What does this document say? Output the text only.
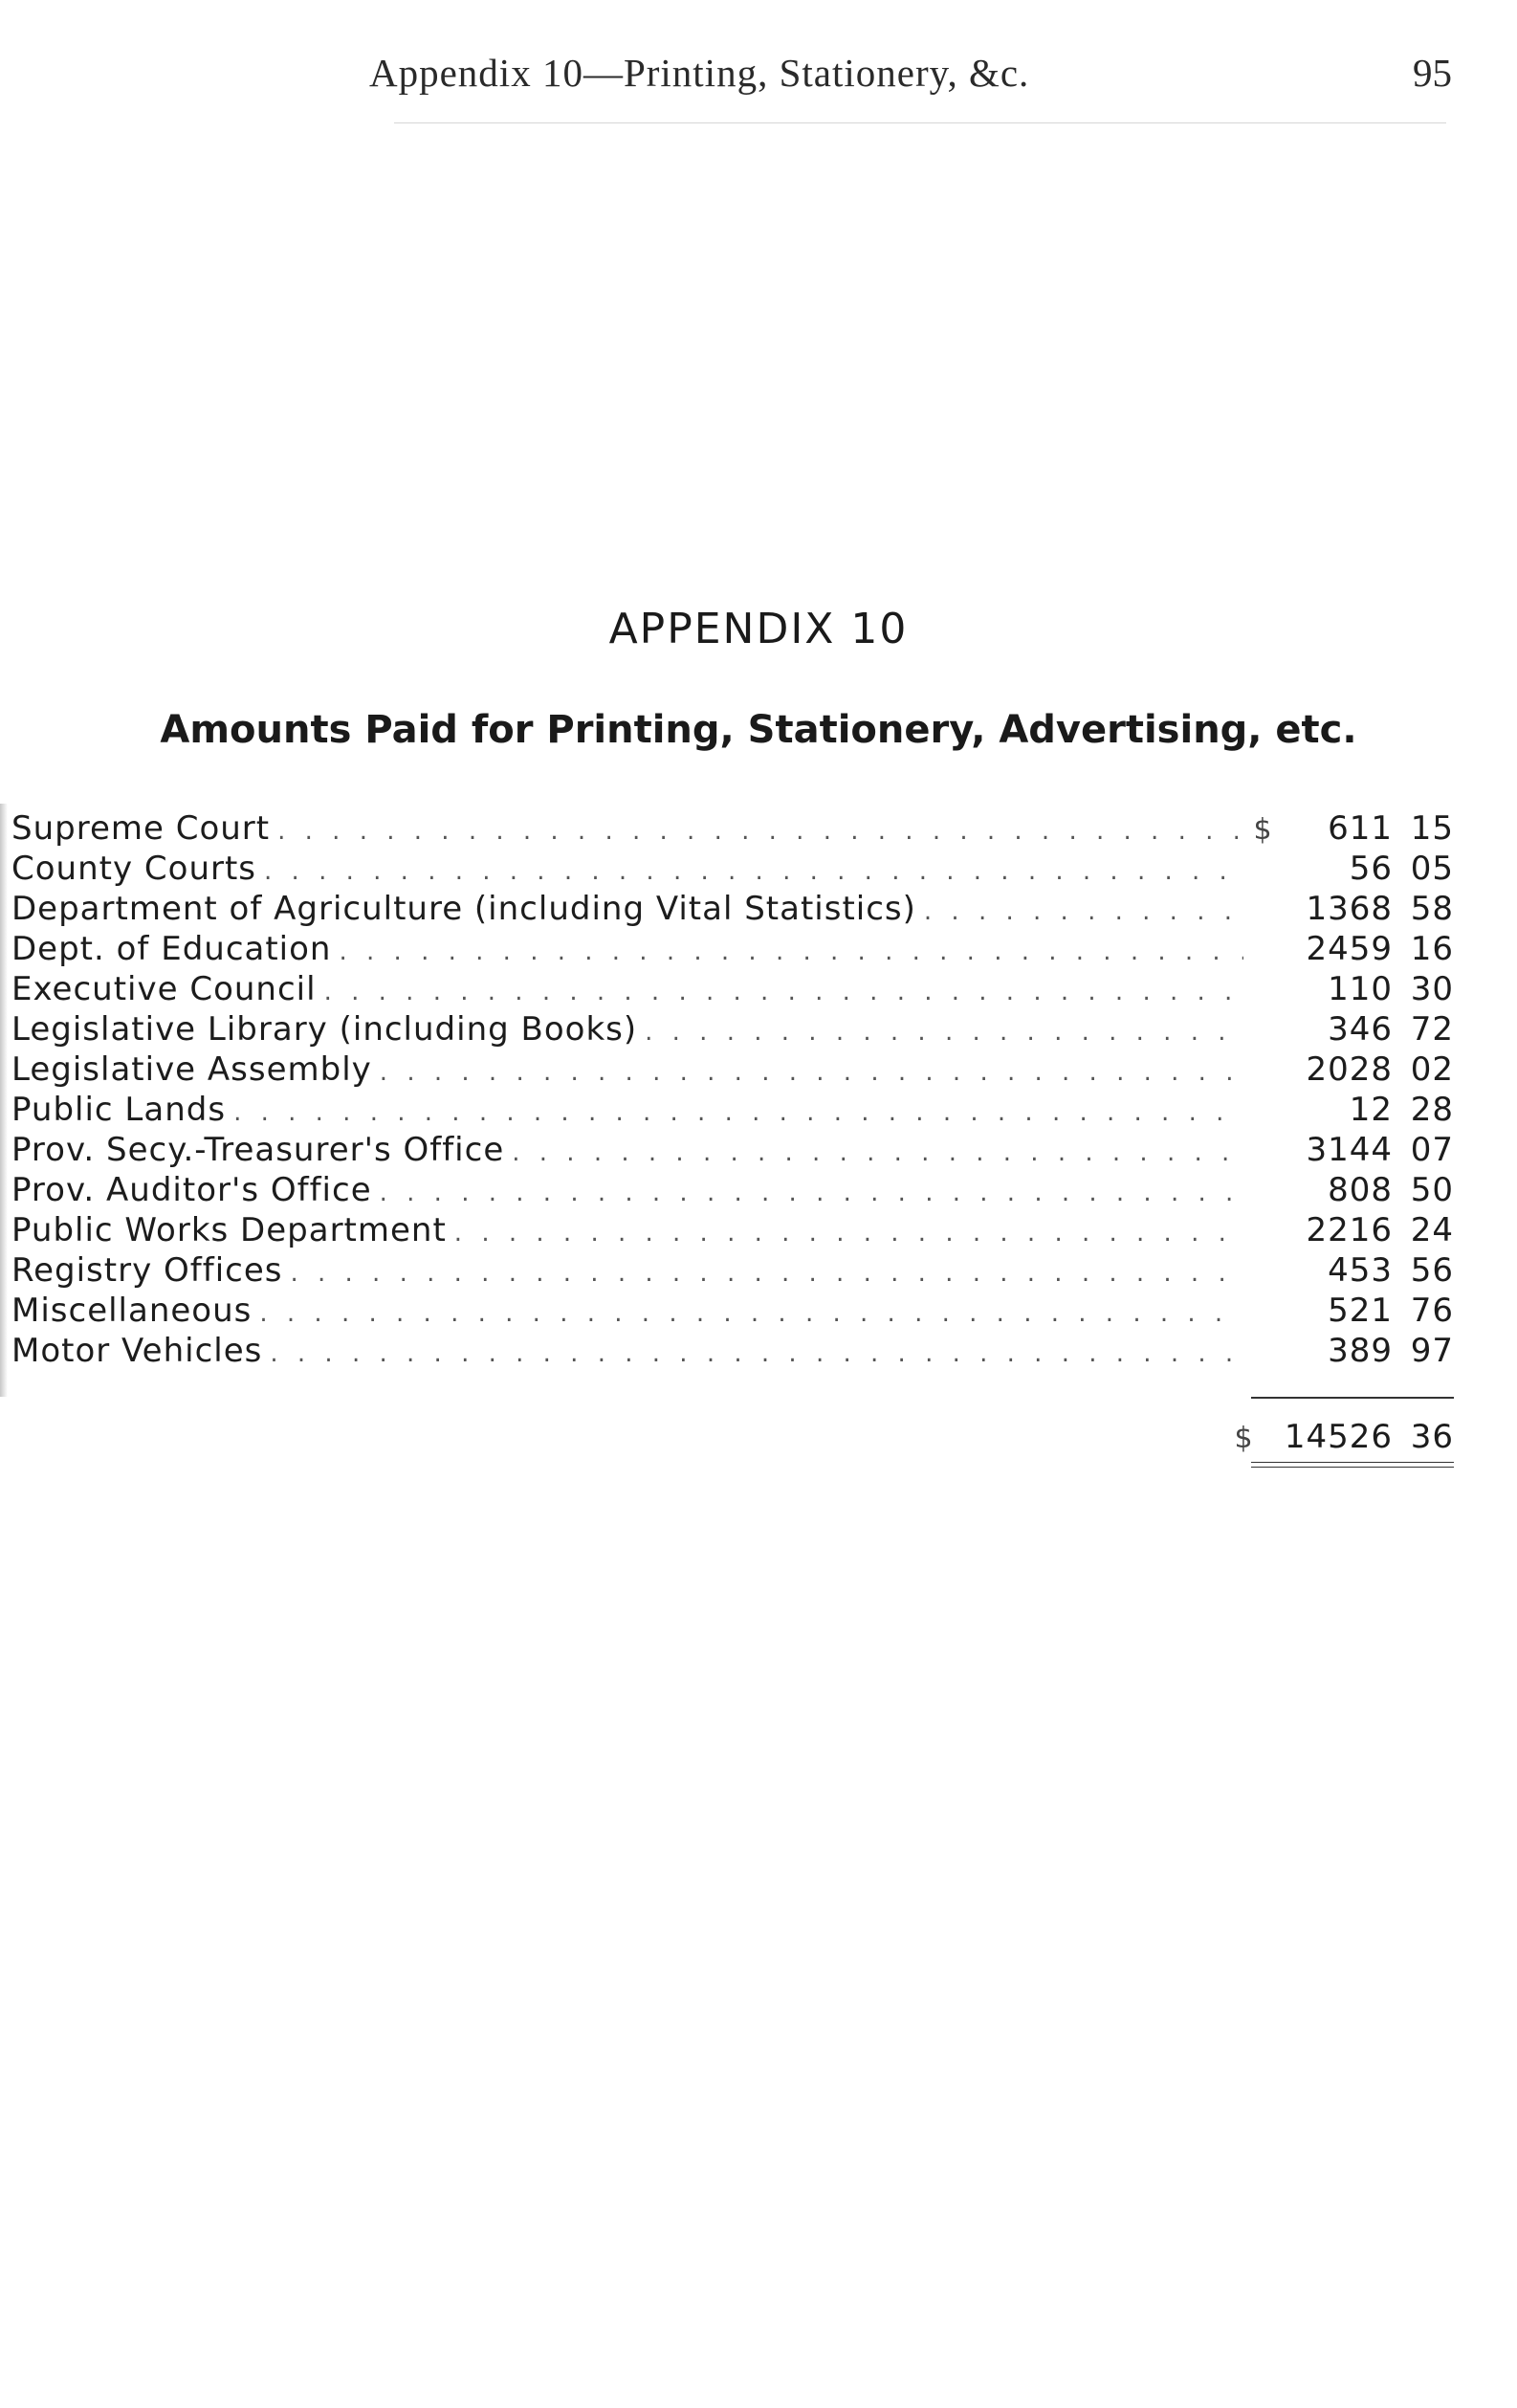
Appendix 10—Printing, Stationery, &c.	95
APPENDIX 10
Amounts Paid for Printing, Stationery, Advertising, etc.
Supreme Court . . .	$	611 15
County Courts . . .	56 05
Department of Agriculture (including Vital Statistics) . . .	1368 58
Dept. of Education . . .	2459 16
Executive Council . . .	110 30
Legislative Library (including Books) . . .	346 72
Legislative Assembly . . .	2028 02
Public Lands . . .	12 28
Prov. Secy.-Treasurer's Office . . .	3144 07
Prov. Auditor's Office . . .	808 50
Public Works Department . . .	2216 24
Registry Offices . . .	453 56
Miscellaneous . . .	521 76
Motor Vehicles . . .	389 97
$ 14526 36
